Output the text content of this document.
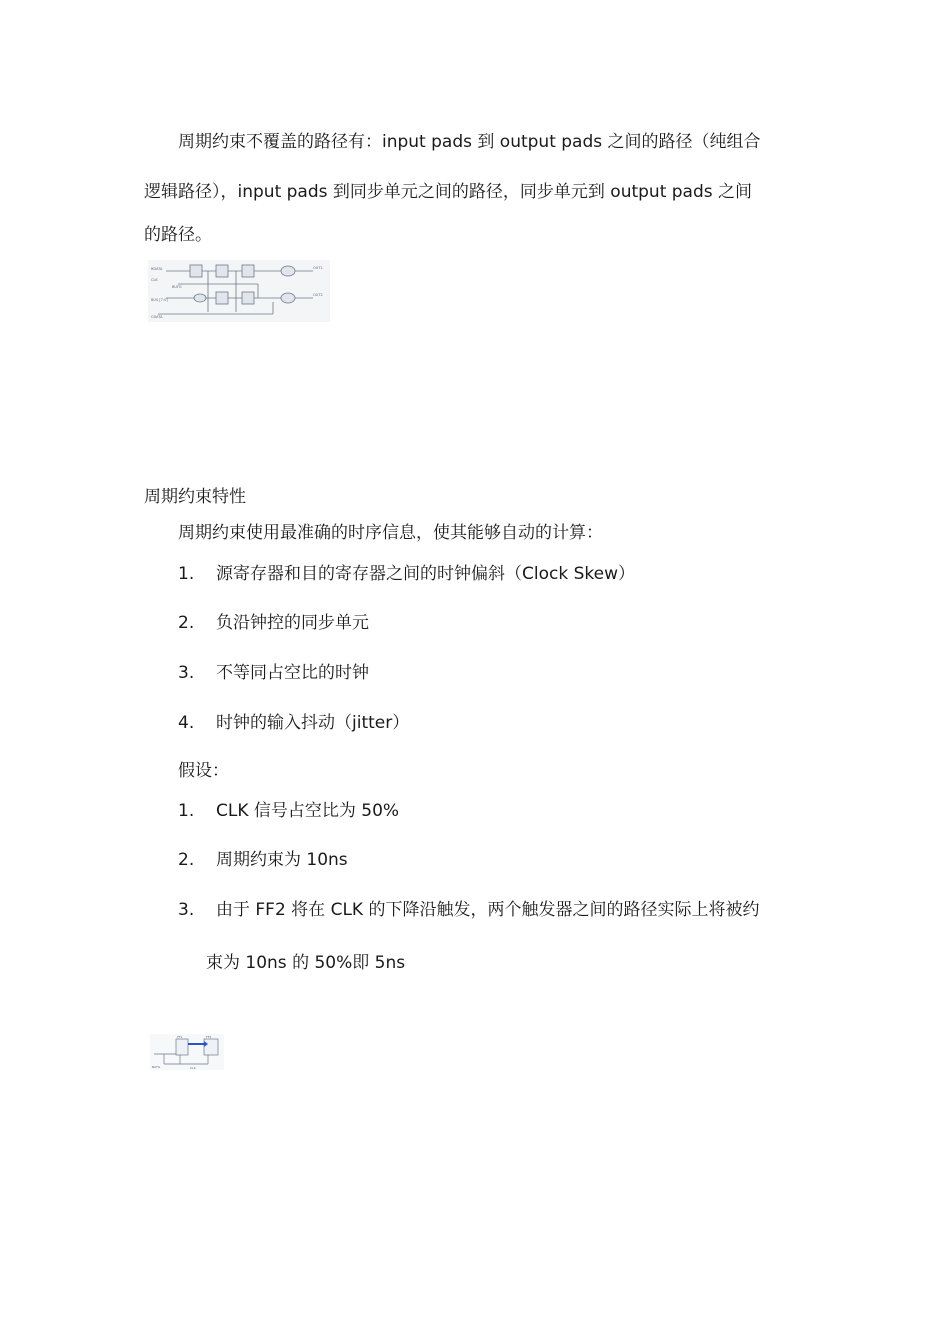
周期约束不覆盖的路径有：input pads 到 output pads 之间的路径（纯组合
逻辑路径），input pads 到同步单元之间的路径，同步单元到 output pads 之间
的路径。
RDATA
CLK
BUFG
BUS [7:0]
CDATA
OUT1
OUT2
周期约束特性
周期约束使用最准确的时序信息，使其能够自动的计算：
1. 源寄存器和目的寄存器之间的时钟偏斜（Clock Skew）
2. 负沿钟控的同步单元
3. 不等同占空比的时钟
4. 时钟的输入抖动（jitter）
假设：
1. CLK 信号占空比为 50%
2. 周期约束为 10ns
3. 由于 FF2 将在 CLK 的下降沿触发，两个触发器之间的路径实际上将被约
束为 10ns 的 50%即 5ns
FF1	FF2
BUFG	CLK
